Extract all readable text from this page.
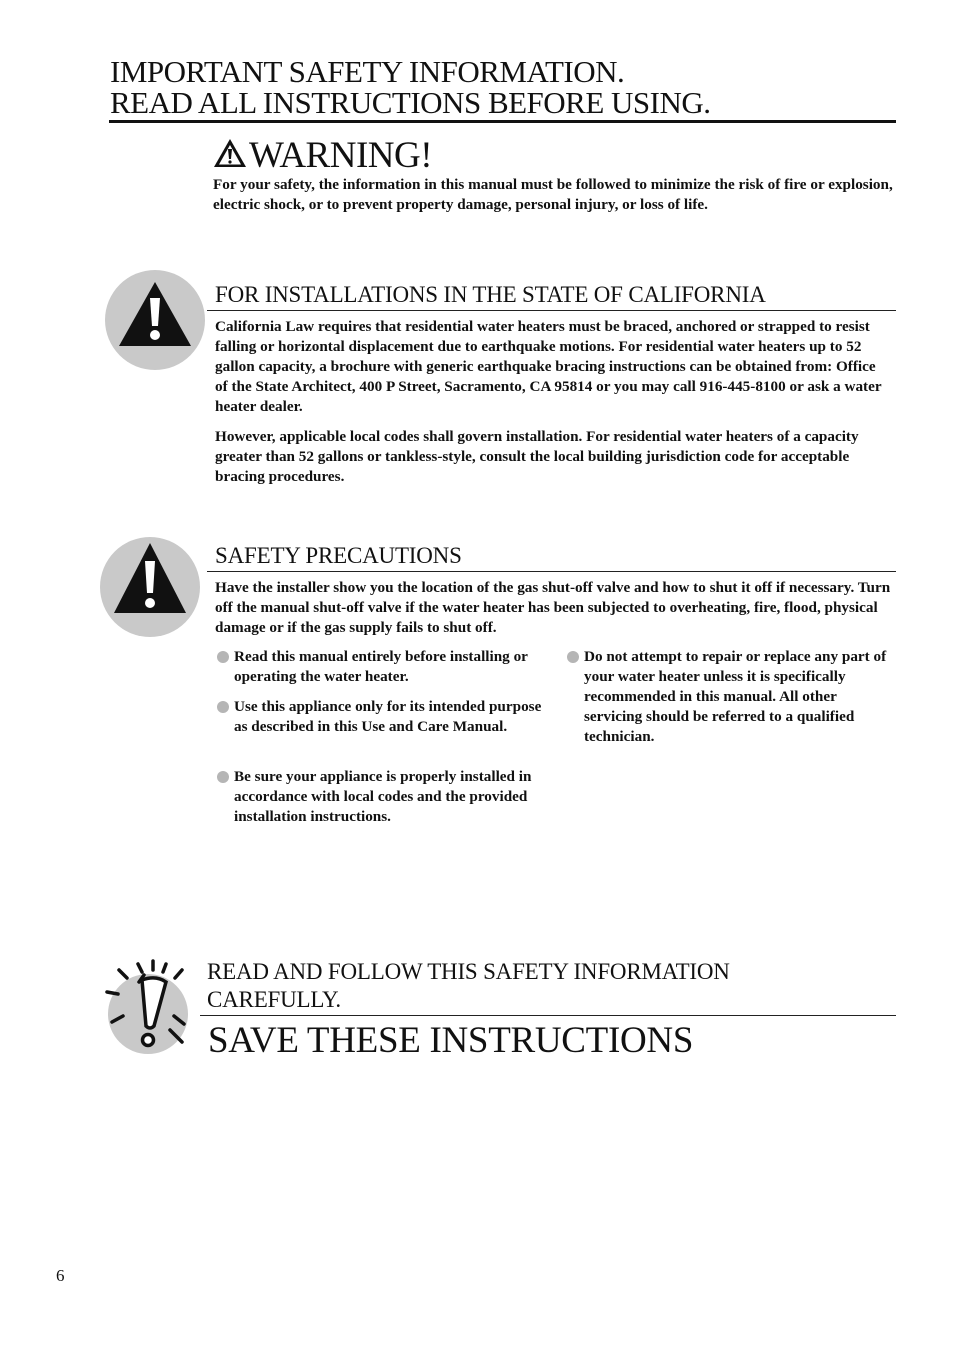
IMPORTANT SAFETY INFORMATION.
READ ALL INSTRUCTIONS BEFORE USING.
WARNING!
For your safety, the information in this manual must be followed to minimize the risk of fire or explosion, electric shock, or to prevent property damage, personal injury, or loss of life.
FOR INSTALLATIONS IN THE STATE OF CALIFORNIA
California Law requires that residential water heaters must be braced, anchored or strapped to resist falling or horizontal displacement due to earthquake motions. For residential water heaters up to 52 gallon capacity, a brochure with generic earthquake bracing instructions can be obtained from: Office of the State Architect, 400 P Street, Sacramento, CA 95814 or you may call 916-445-8100 or ask a water heater dealer.
However, applicable local codes shall govern installation. For residential water heaters of a capacity greater than 52 gallons or tankless-style, consult the local building jurisdiction code for acceptable bracing procedures.
SAFETY PRECAUTIONS
Have the installer show you the location of the gas shut-off valve and how to shut it off if necessary. Turn off the manual shut-off valve if the water heater has been subjected to overheating, fire, flood, physical damage or if the gas supply fails to shut off.
Read this manual entirely before installing or operating the water heater.
Use this appliance only for its intended purpose as described in this Use and Care Manual.
Be sure your appliance is properly installed in accordance with local codes and the provided installation instructions.
Do not attempt to repair or replace any part of your water heater unless it is specifically recommended in this manual. All other servicing should be referred to a qualified technician.
READ AND FOLLOW THIS SAFETY INFORMATION
CAREFULLY.
SAVE THESE INSTRUCTIONS
6
